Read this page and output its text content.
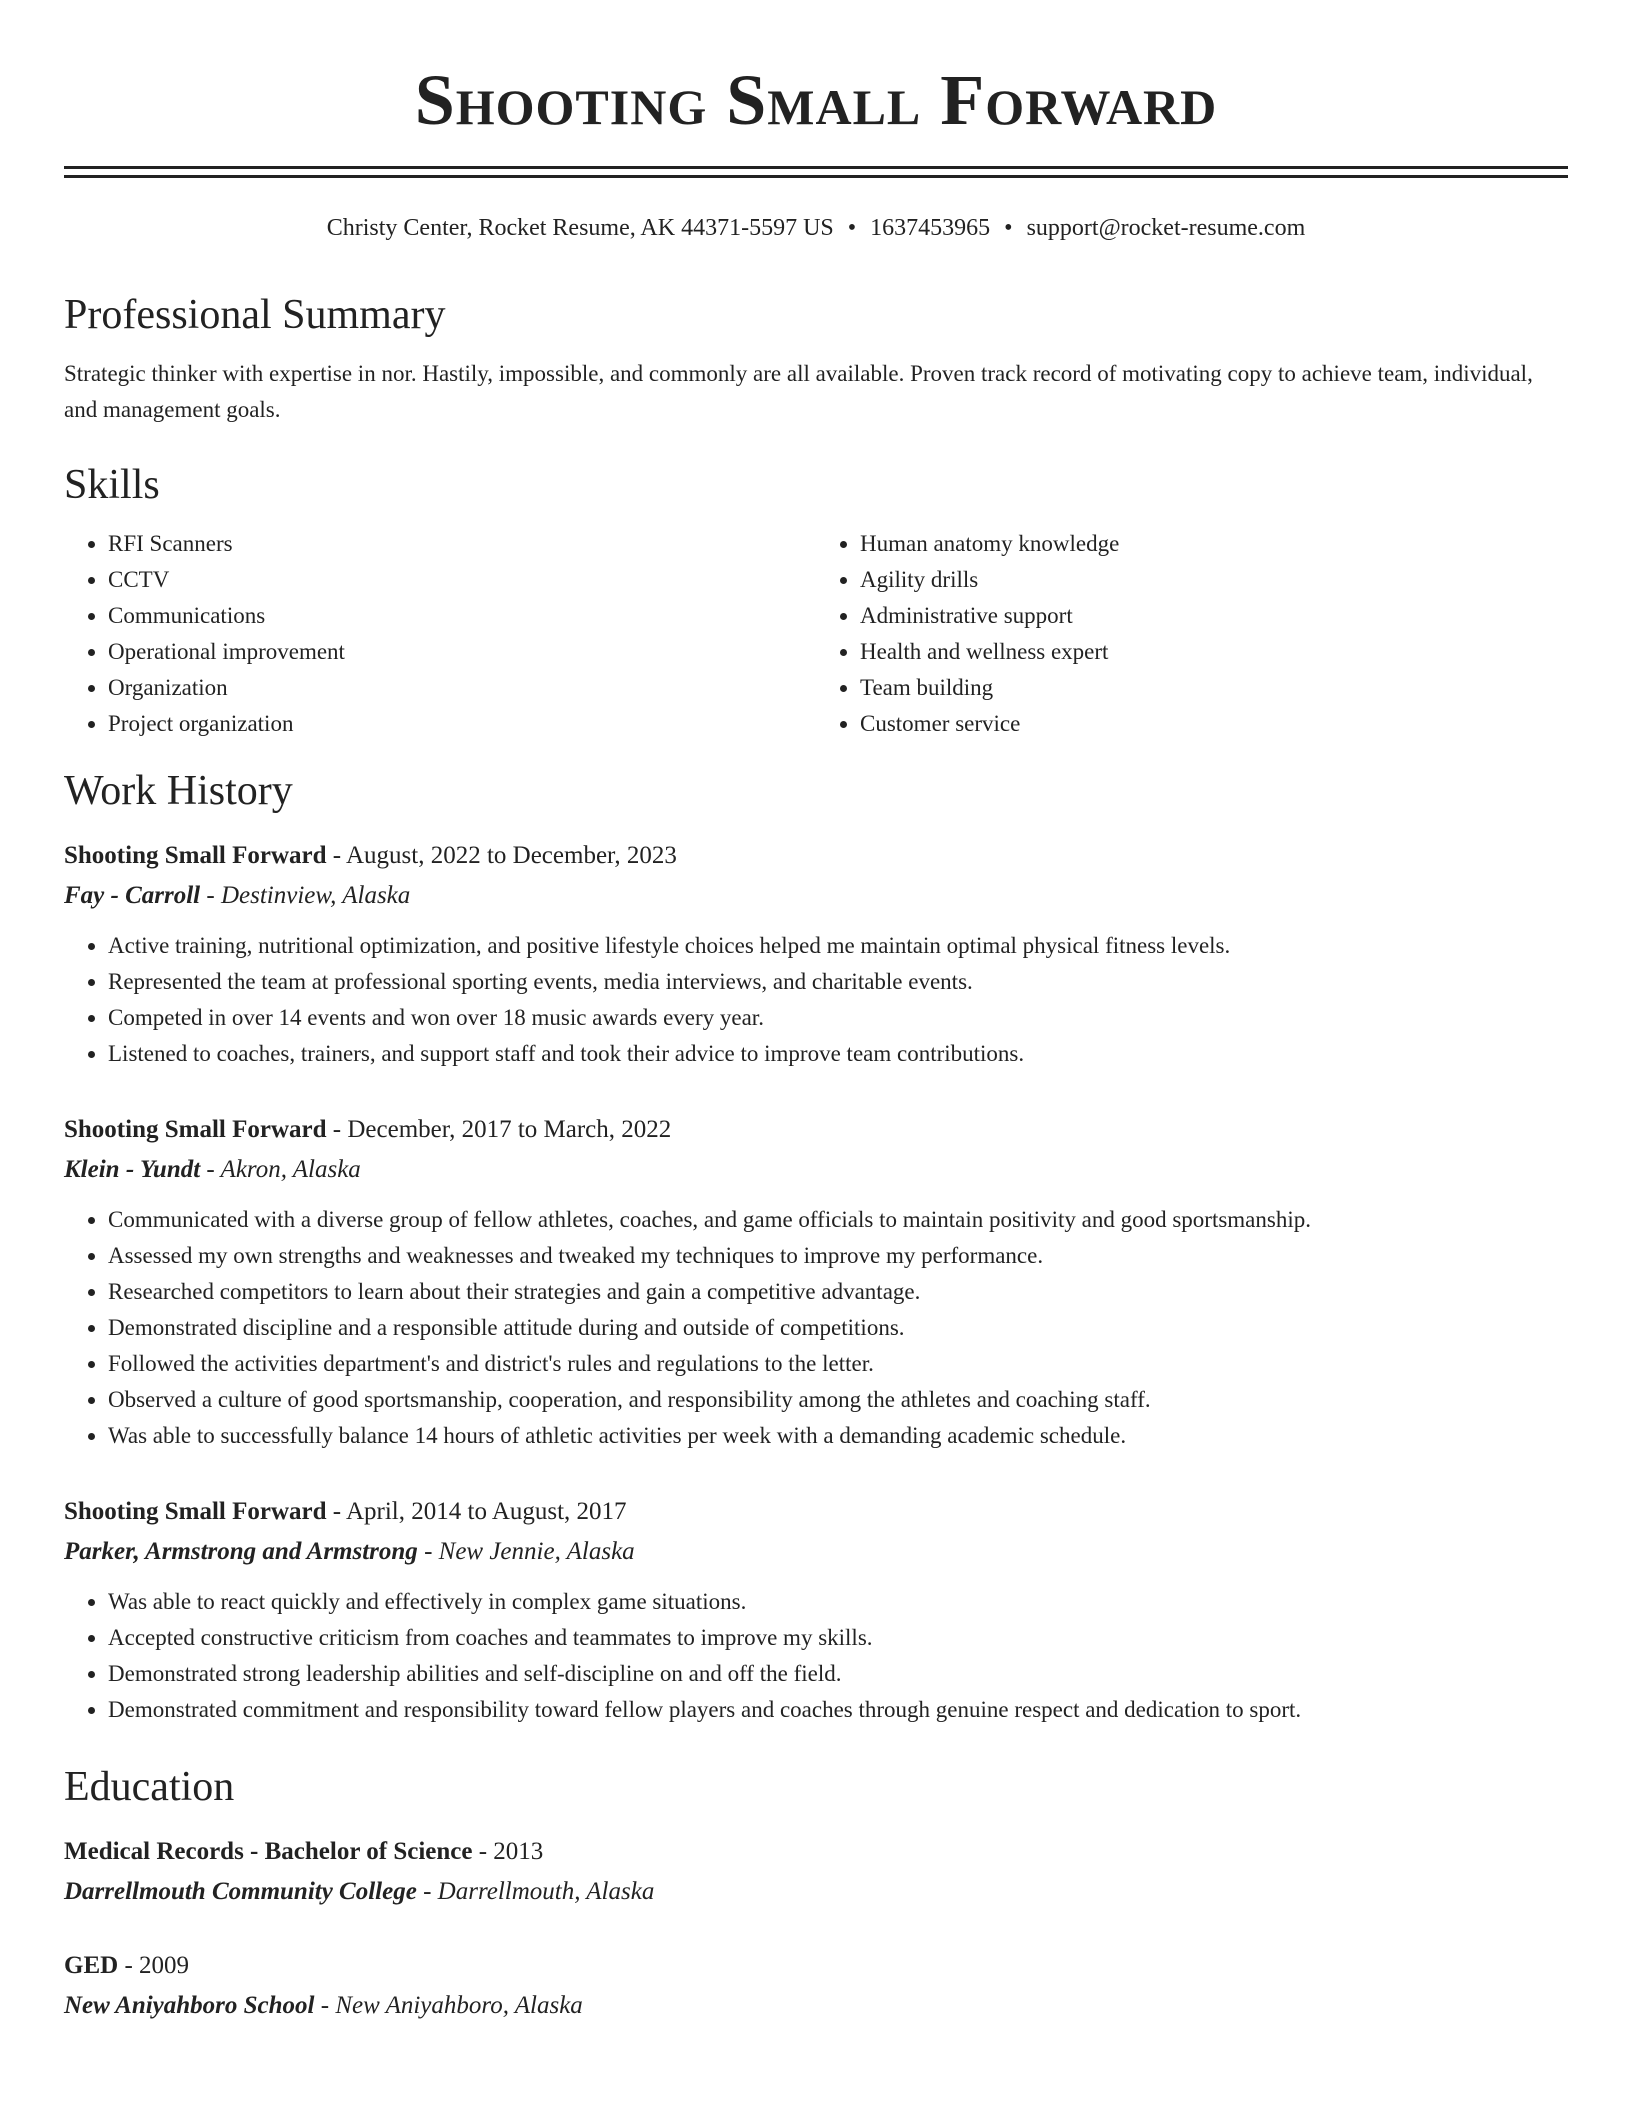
Shooting Small Forward
Christy Center, Rocket Resume, AK 44371-5597 US • 1637453965 • support@rocket-resume.com
Professional Summary

Strategic thinker with expertise in nor. Hastily, impossible, and commonly are all available. Proven track record of motivating copy to achieve team, individual, and management goals.

Skills
• RFI Scanners
• CCTV
• Communications
• Operational improvement
• Organization
• Project organization
• Human anatomy knowledge
• Agility drills
• Administrative support
• Health and wellness expert
• Team building
• Customer service
Work History
Shooting Small Forward - August, 2022 to December, 2023
Fay - Carroll - Destinview, Alaska
• Active training, nutritional optimization, and positive lifestyle choices helped me maintain optimal physical fitness levels.
• Represented the team at professional sporting events, media interviews, and charitable events.
• Competed in over 14 events and won over 18 music awards every year.
• Listened to coaches, trainers, and support staff and took their advice to improve team contributions.
Shooting Small Forward - December, 2017 to March, 2022
Klein - Yundt - Akron, Alaska
• Communicated with a diverse group of fellow athletes, coaches, and game officials to maintain positivity and good sportsmanship.
• Assessed my own strengths and weaknesses and tweaked my techniques to improve my performance.
• Researched competitors to learn about their strategies and gain a competitive advantage.
• Demonstrated discipline and a responsible attitude during and outside of competitions.
• Followed the activities department's and district's rules and regulations to the letter.
• Observed a culture of good sportsmanship, cooperation, and responsibility among the athletes and coaching staff.
• Was able to successfully balance 14 hours of athletic activities per week with a demanding academic schedule.
Shooting Small Forward - April, 2014 to August, 2017
Parker, Armstrong and Armstrong - New Jennie, Alaska
• Was able to react quickly and effectively in complex game situations.
• Accepted constructive criticism from coaches and teammates to improve my skills.
• Demonstrated strong leadership abilities and self-discipline on and off the field.
• Demonstrated commitment and responsibility toward fellow players and coaches through genuine respect and dedication to sport.
Education
Medical Records - Bachelor of Science - 2013
Darrellmouth Community College - Darrellmouth, Alaska
GED - 2009
New Aniyahboro School - New Aniyahboro, Alaska
